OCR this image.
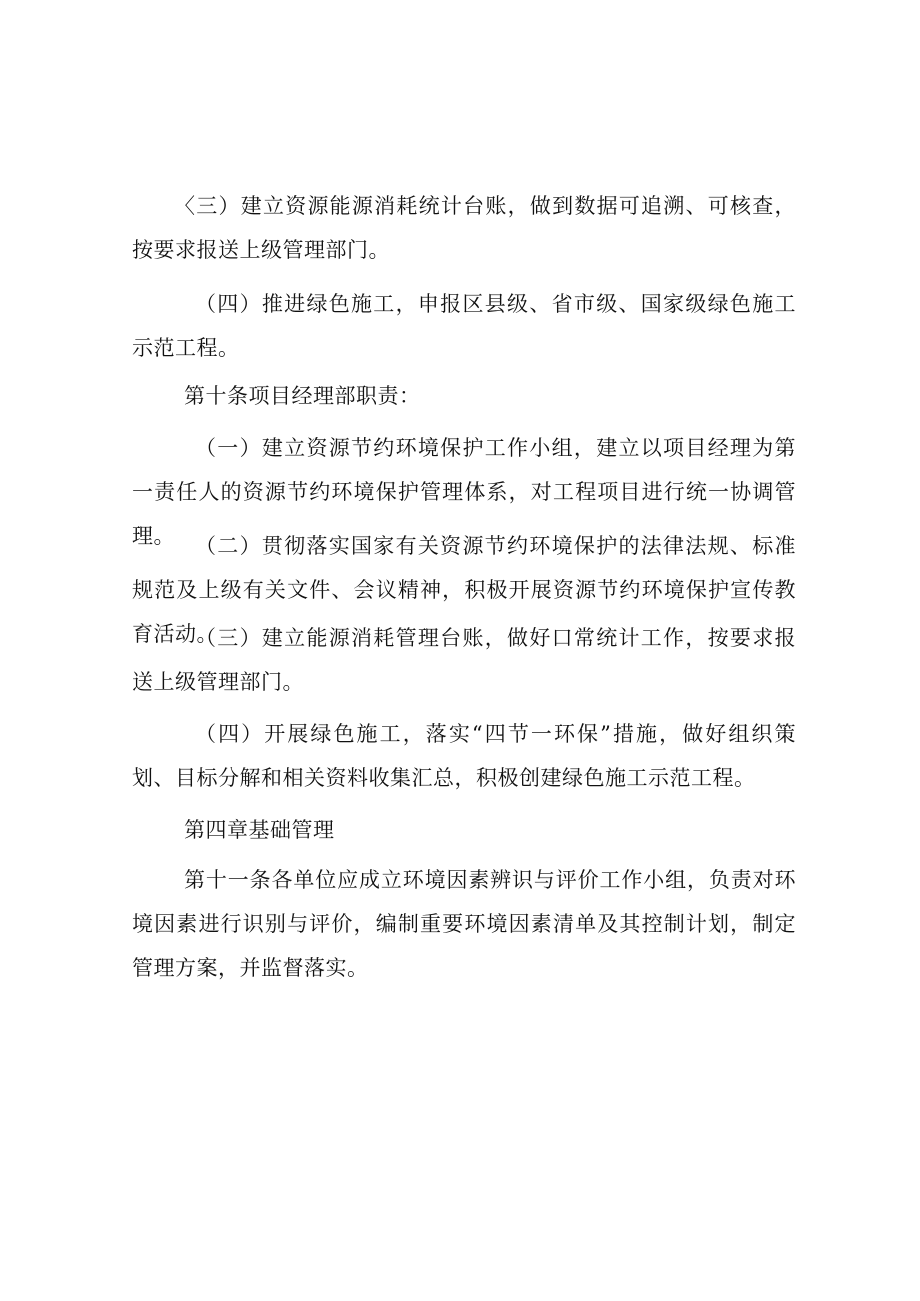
〈三）建立资源能源消耗统计台账，做到数据可追溯、可核查，按要求报送上级管理部门。

（四）推进绿色施工，申报区县级、省市级、国家级绿色施工示范工程。

第十条项目经理部职责：

（一）建立资源节约环境保护工作小组，建立以项目经理为第一责任人的资源节约环境保护管理体系，对工程项目进行统一协调管理。 （二）贯彻落实国家有关资源节约环境保护的法律法规、标准规范及上级有关文件、会议精神，积极开展资源节约环境保护宣传教育活动。

（三）建立能源消耗管理台账，做好口常统计工作，按要求报送上级管理部门。

（四）开展绿色施工，落实“四节一环保”措施，做好组织策划、目标分解和相关资料收集汇总，积极创建绿色施工示范工程。

第四章基础管理

第十一条各单位应成立环境因素辨识与评价工作小组，负责对环境因素进行识别与评价，编制重要环境因素清单及其控制计划，制定管理方案，并监督落实。
